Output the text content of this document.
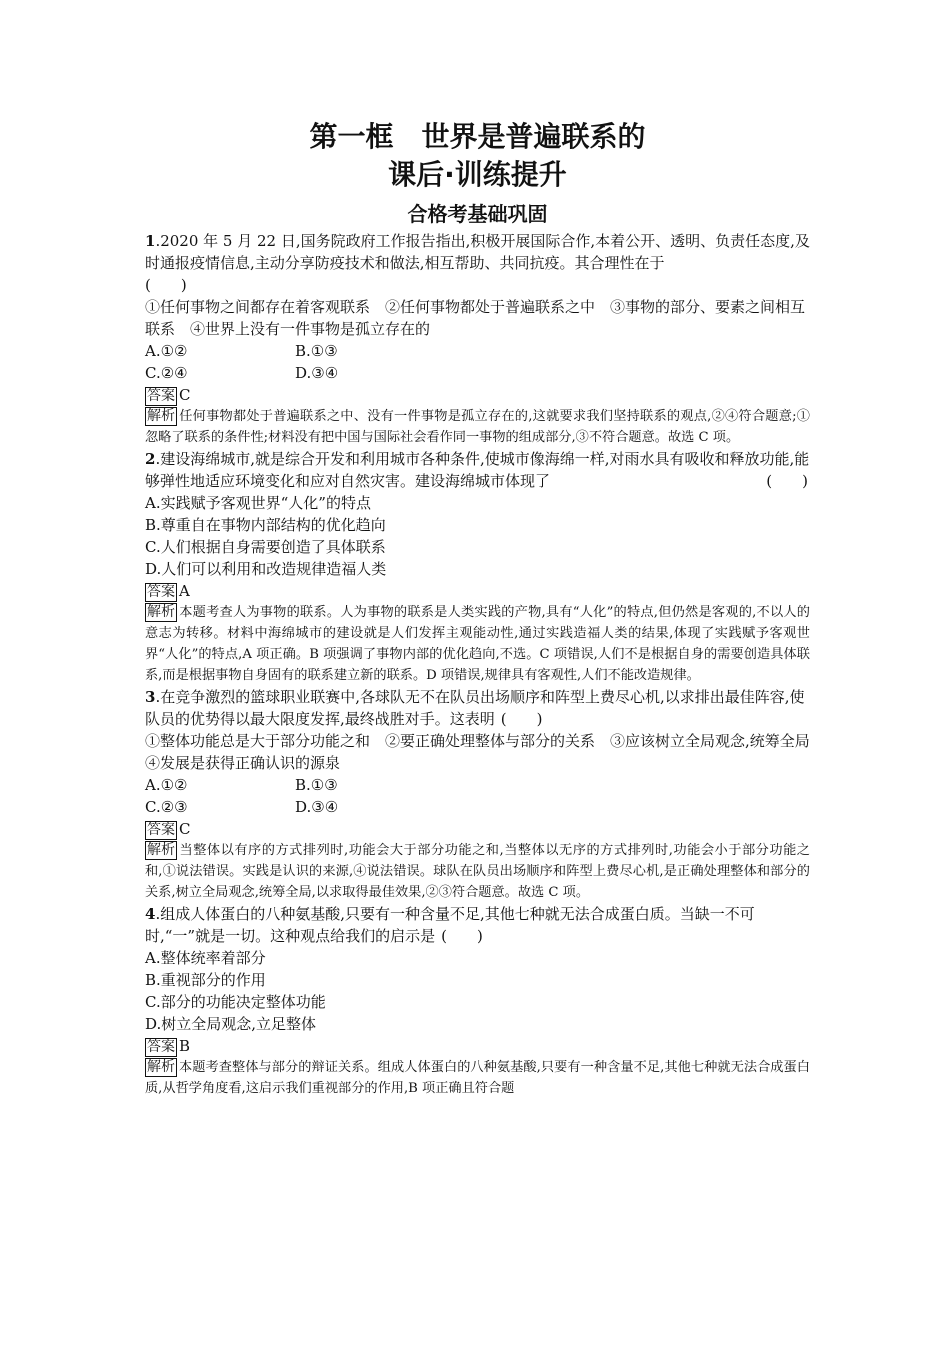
第一框　世界是普遍联系的
课后·训练提升
合格考基础巩固

1.2020 年 5 月 22 日,国务院政府工作报告指出,积极开展国际合作,本着公开、透明、负责任态度,及时通报疫情信息,主动分享防疫技术和做法,相互帮助、共同抗疫。其合理性在于

(　　)

①任何事物之间都存在着客观联系　②任何事物都处于普遍联系之中　③事物的部分、要素之间相互联系　④世界上没有一件事物是孤立存在的

A.①②	B.①③
C.②④	D.③④

答案 C

解析 任何事物都处于普遍联系之中、没有一件事物是孤立存在的,这就要求我们坚持联系的观点,②④符合题意;①忽略了联系的条件性;材料没有把中国与国际社会看作同一事物的组成部分,③不符合题意。故选 C 项。

2.建设海绵城市,就是综合开发和利用城市各种条件,使城市像海绵一样,对雨水具有吸收和释放功能,能够弹性地适应环境变化和应对自然灾害。建设海绵城市体现了	(　　)

A.实践赋予客观世界“人化”的特点

B.尊重自在事物内部结构的优化趋向

C.人们根据自身需要创造了具体联系

D.人们可以利用和改造规律造福人类

答案 A

解析 本题考查人为事物的联系。人为事物的联系是人类实践的产物,具有“人化”的特点,但仍然是客观的,不以人的意志为转移。材料中海绵城市的建设就是人们发挥主观能动性,通过实践造福人类的结果,体现了实践赋予客观世界“人化”的特点,A 项正确。B 项强调了事物内部的优化趋向,不选。C 项错误,人们不是根据自身的需要创造具体联系,而是根据事物自身固有的联系建立新的联系。D 项错误,规律具有客观性,人们不能改造规律。

3.在竞争激烈的篮球职业联赛中,各球队无不在队员出场顺序和阵型上费尽心机,以求排出最佳阵容,使队员的优势得以最大限度发挥,最终战胜对手。这表明 (　　)

①整体功能总是大于部分功能之和　②要正确处理整体与部分的关系　③应该树立全局观念,统筹全局　④发展是获得正确认识的源泉

A.①②	B.①③
C.②③	D.③④

答案 C

解析 当整体以有序的方式排列时,功能会大于部分功能之和,当整体以无序的方式排列时,功能会小于部分功能之和,①说法错误。实践是认识的来源,④说法错误。球队在队员出场顺序和阵型上费尽心机,是正确处理整体和部分的关系,树立全局观念,统筹全局,以求取得最佳效果,②③符合题意。故选 C 项。

4.组成人体蛋白的八种氨基酸,只要有一种含量不足,其他七种就无法合成蛋白质。当缺一不可时,“一”就是一切。这种观点给我们的启示是 (　　)

A.整体统率着部分

B.重视部分的作用

C.部分的功能决定整体功能

D.树立全局观念,立足整体

答案 B

解析 本题考查整体与部分的辩证关系。组成人体蛋白的八种氨基酸,只要有一种含量不足,其他七种就无法合成蛋白质,从哲学角度看,这启示我们重视部分的作用,B 项正确且符合题
